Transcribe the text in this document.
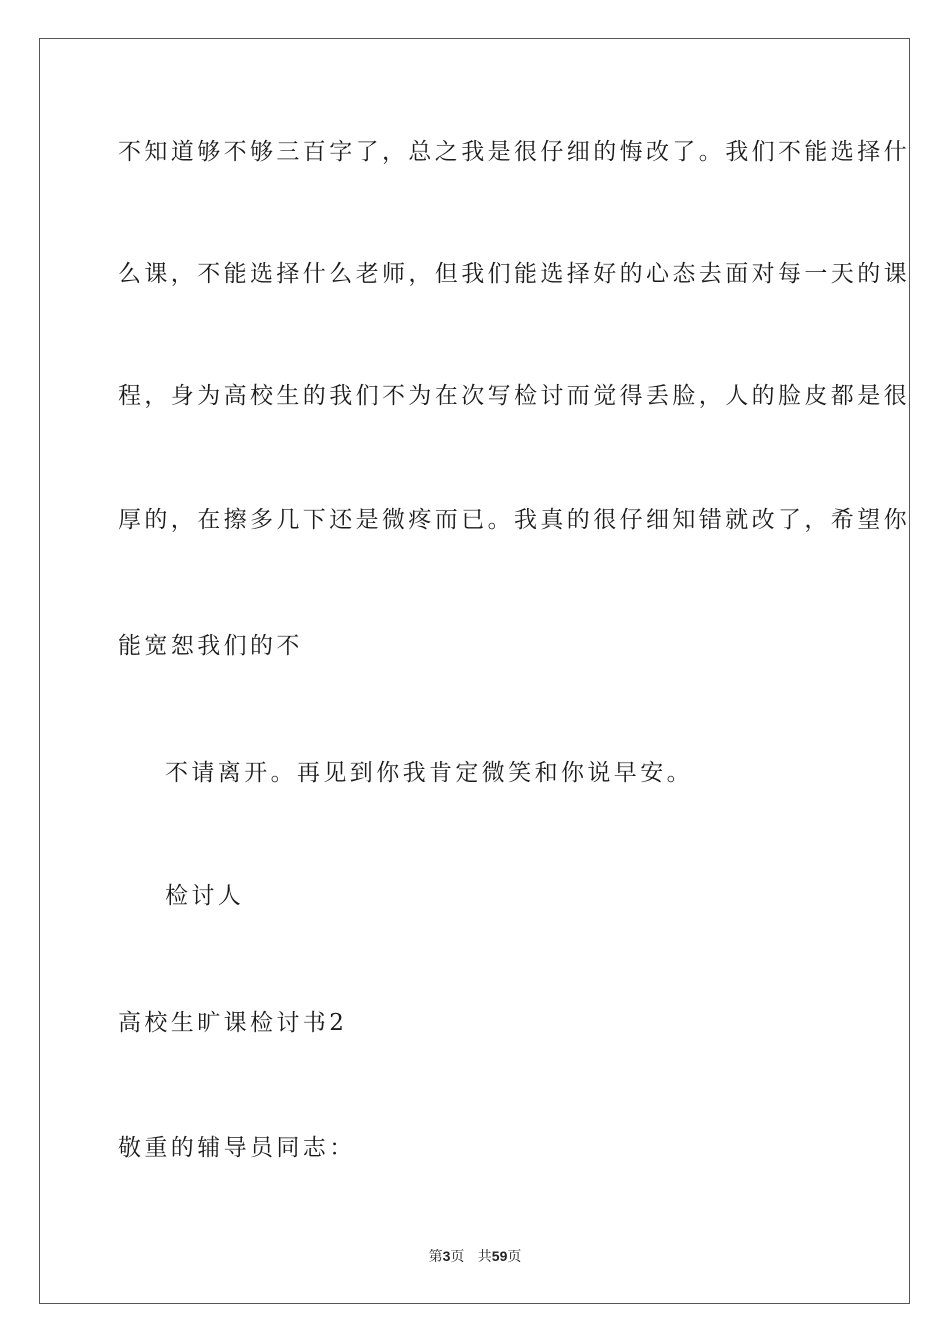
不知道够不够三百字了，总之我是很仔细的悔改了。我们不能选择什
么课，不能选择什么老师，但我们能选择好的心态去面对每一天的课
程，身为高校生的我们不为在次写检讨而觉得丢脸，人的脸皮都是很
厚的，在擦多几下还是微疼而已。我真的很仔细知错就改了，希望你
能宽恕我们的不
不请离开。再见到你我肯定微笑和你说早安。
检讨人
高校生旷课检讨书2
敬重的辅导员同志：
第3页 共59页
